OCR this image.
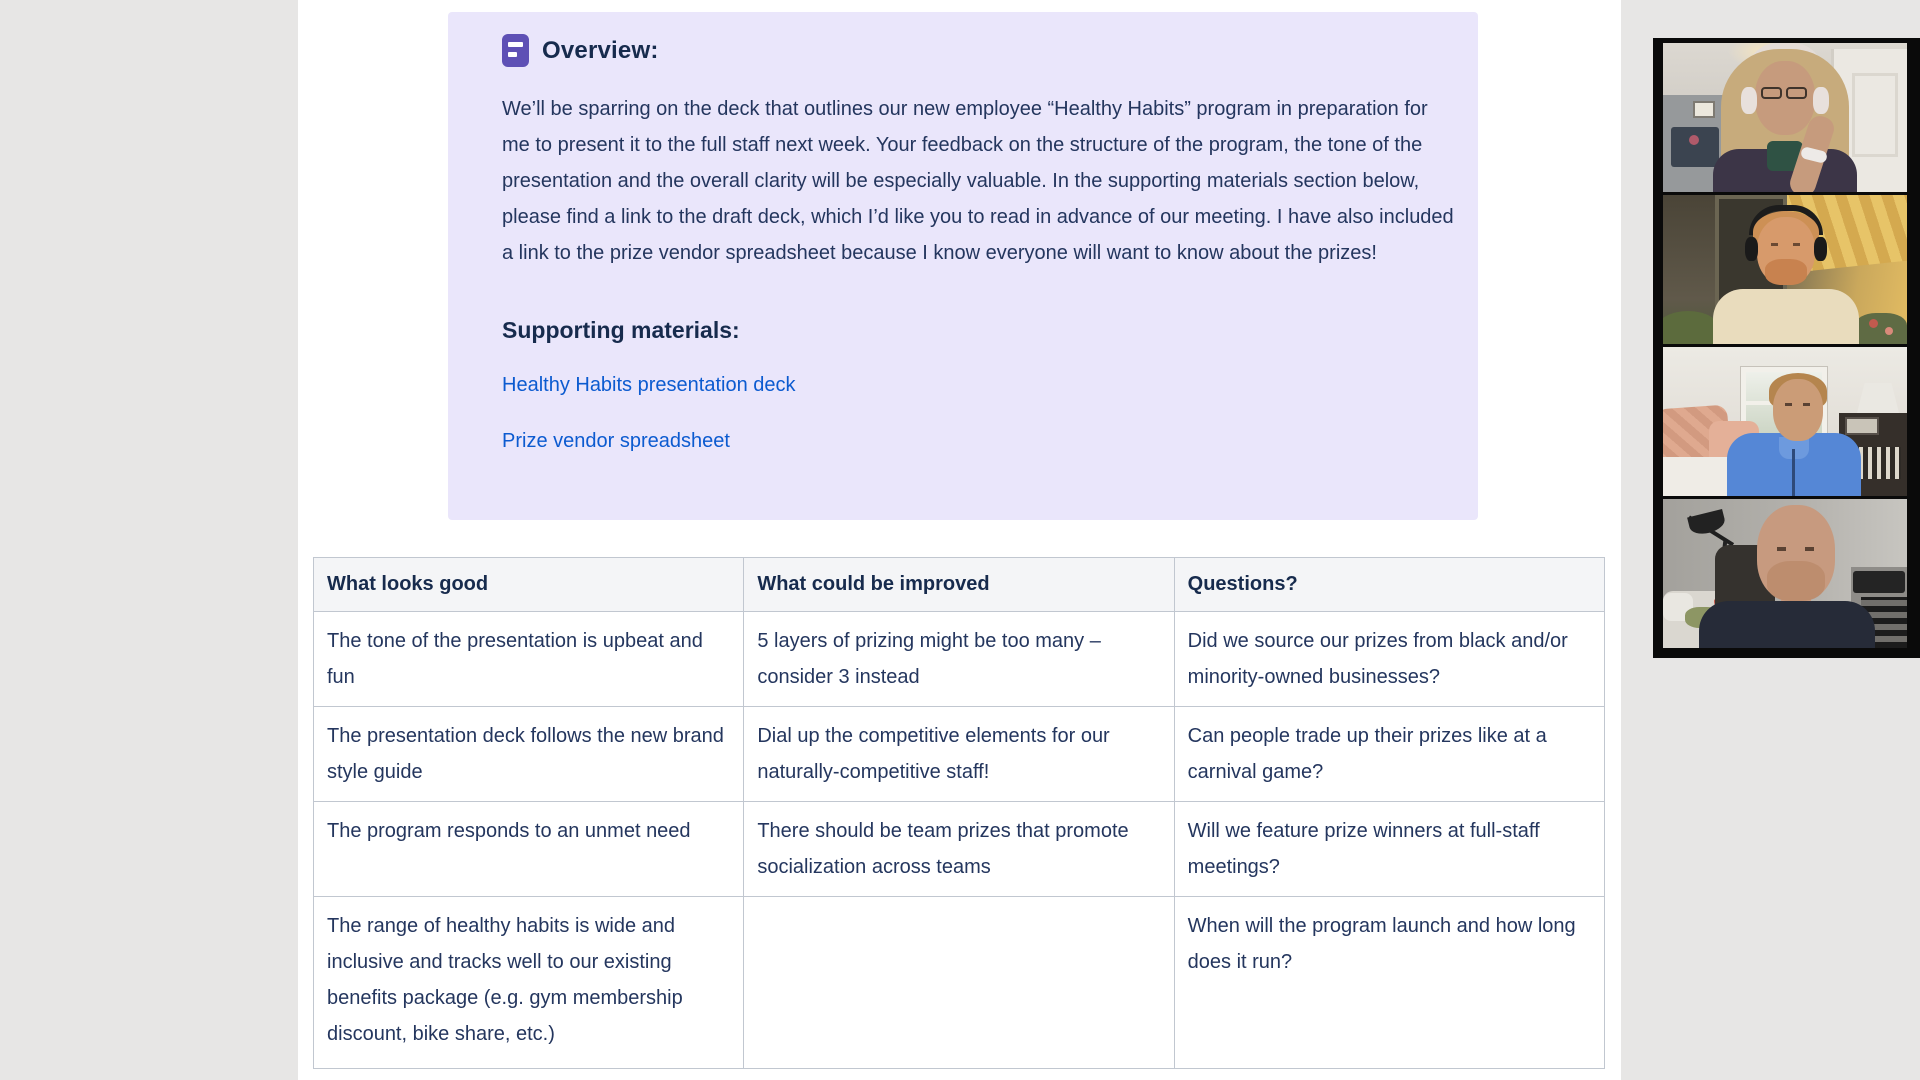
Overview:
We’ll be sparring on the deck that outlines our new employee “Healthy Habits” program in preparation for me to present it to the full staff next week. Your feedback on the structure of the program, the tone of the presentation and the overall clarity will be especially valuable. In the supporting materials section below, please find a link to the draft deck, which I’d like you to read in advance of our meeting. I have also included a link to the prize vendor spreadsheet because I know everyone will want to know about the prizes!
Supporting materials:
Healthy Habits presentation deck
Prize vendor spreadsheet
What looks good	What could be improved	Questions?
The tone of the presentation is upbeat and fun	5 layers of prizing might be too many – consider 3 instead	Did we source our prizes from black and/or minority-owned businesses?
The presentation deck follows the new brand style guide	Dial up the competitive elements for our naturally-competitive staff!	Can people trade up their prizes like at a carnival game?
The program responds to an unmet need	There should be team prizes that promote socialization across teams	Will we feature prize winners at full-staff meetings?
The range of healthy habits is wide and inclusive and tracks well to our existing benefits package (e.g. gym membership discount, bike share, etc.)		When will the program launch and how long does it run?
